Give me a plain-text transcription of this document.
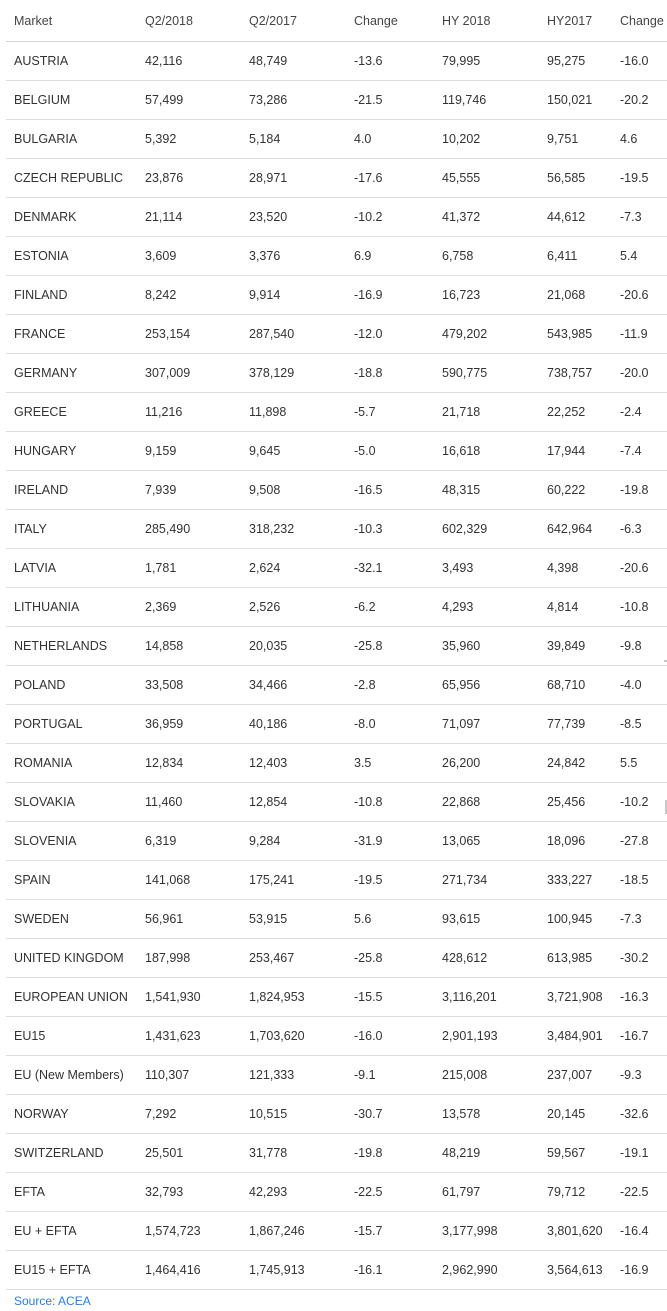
Market	Q2/2018	Q2/2017	Change	HY 2018	HY2017	Change
AUSTRIA	42,116	48,749	-13.6	79,995	95,275	-16.0
BELGIUM	57,499	73,286	-21.5	119,746	150,021	-20.2
BULGARIA	5,392	5,184	4.0	10,202	9,751	4.6
CZECH REPUBLIC	23,876	28,971	-17.6	45,555	56,585	-19.5
DENMARK	21,114	23,520	-10.2	41,372	44,612	-7.3
ESTONIA	3,609	3,376	6.9	6,758	6,411	5.4
FINLAND	8,242	9,914	-16.9	16,723	21,068	-20.6
FRANCE	253,154	287,540	-12.0	479,202	543,985	-11.9
GERMANY	307,009	378,129	-18.8	590,775	738,757	-20.0
GREECE	11,216	11,898	-5.7	21,718	22,252	-2.4
HUNGARY	9,159	9,645	-5.0	16,618	17,944	-7.4
IRELAND	7,939	9,508	-16.5	48,315	60,222	-19.8
ITALY	285,490	318,232	-10.3	602,329	642,964	-6.3
LATVIA	1,781	2,624	-32.1	3,493	4,398	-20.6
LITHUANIA	2,369	2,526	-6.2	4,293	4,814	-10.8
NETHERLANDS	14,858	20,035	-25.8	35,960	39,849	-9.8
POLAND	33,508	34,466	-2.8	65,956	68,710	-4.0
PORTUGAL	36,959	40,186	-8.0	71,097	77,739	-8.5
ROMANIA	12,834	12,403	3.5	26,200	24,842	5.5
SLOVAKIA	11,460	12,854	-10.8	22,868	25,456	-10.2
SLOVENIA	6,319	9,284	-31.9	13,065	18,096	-27.8
SPAIN	141,068	175,241	-19.5	271,734	333,227	-18.5
SWEDEN	56,961	53,915	5.6	93,615	100,945	-7.3
UNITED KINGDOM	187,998	253,467	-25.8	428,612	613,985	-30.2
EUROPEAN UNION	1,541,930	1,824,953	-15.5	3,116,201	3,721,908	-16.3
EU15	1,431,623	1,703,620	-16.0	2,901,193	3,484,901	-16.7
EU (New Members)	110,307	121,333	-9.1	215,008	237,007	-9.3
NORWAY	7,292	10,515	-30.7	13,578	20,145	-32.6
SWITZERLAND	25,501	31,778	-19.8	48,219	59,567	-19.1
EFTA	32,793	42,293	-22.5	61,797	79,712	-22.5
EU + EFTA	1,574,723	1,867,246	-15.7	3,177,998	3,801,620	-16.4
EU15 + EFTA	1,464,416	1,745,913	-16.1	2,962,990	3,564,613	-16.9
Source: ACEA
